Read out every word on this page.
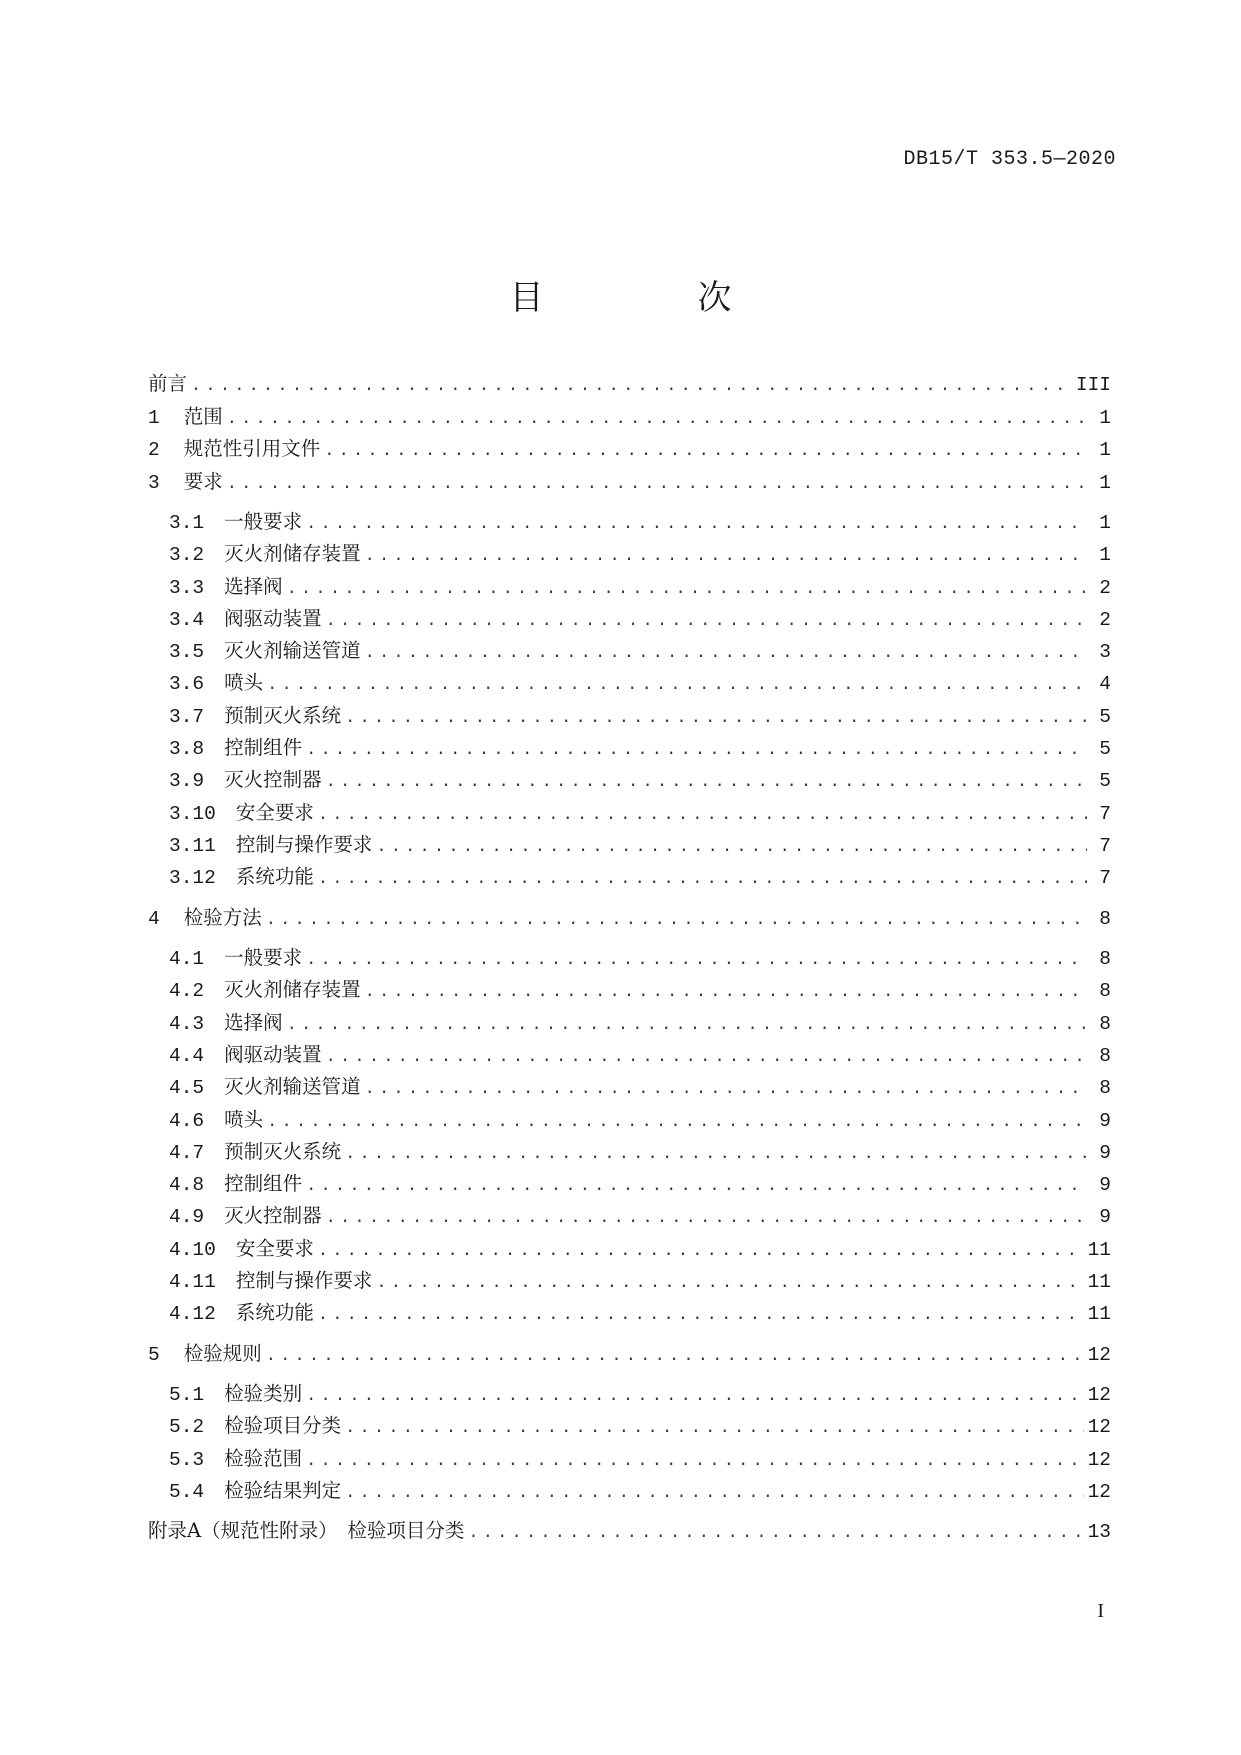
DB15/T 353.5—2020
目　次
前言 .....	III
1 范围 .....	1
2 规范性引用文件 .....	1
3 要求 .....	1
3.1 一般要求 .....	1
3.2 灭火剂储存装置 .....	1
3.3 选择阀 .....	2
3.4 阀驱动装置 .....	2
3.5 灭火剂输送管道 .....	3
3.6 喷头 .....	4
3.7 预制灭火系统 .....	5
3.8 控制组件 .....	5
3.9 灭火控制器 .....	5
3.10 安全要求 .....	7
3.11 控制与操作要求 .....	7
3.12 系统功能 .....	7
4 检验方法 .....	8
4.1 一般要求 .....	8
4.2 灭火剂储存装置 .....	8
4.3 选择阀 .....	8
4.4 阀驱动装置 .....	8
4.5 灭火剂输送管道 .....	8
4.6 喷头 .....	9
4.7 预制灭火系统 .....	9
4.8 控制组件 .....	9
4.9 灭火控制器 .....	9
4.10 安全要求 .....	11
4.11 控制与操作要求 .....	11
4.12 系统功能 .....	11
5 检验规则 .....	12
5.1 检验类别 .....	12
5.2 检验项目分类 .....	12
5.3 检验范围 .....	12
5.4 检验结果判定 .....	12
附录A（规范性附录）　检验项目分类 .....	13
I
